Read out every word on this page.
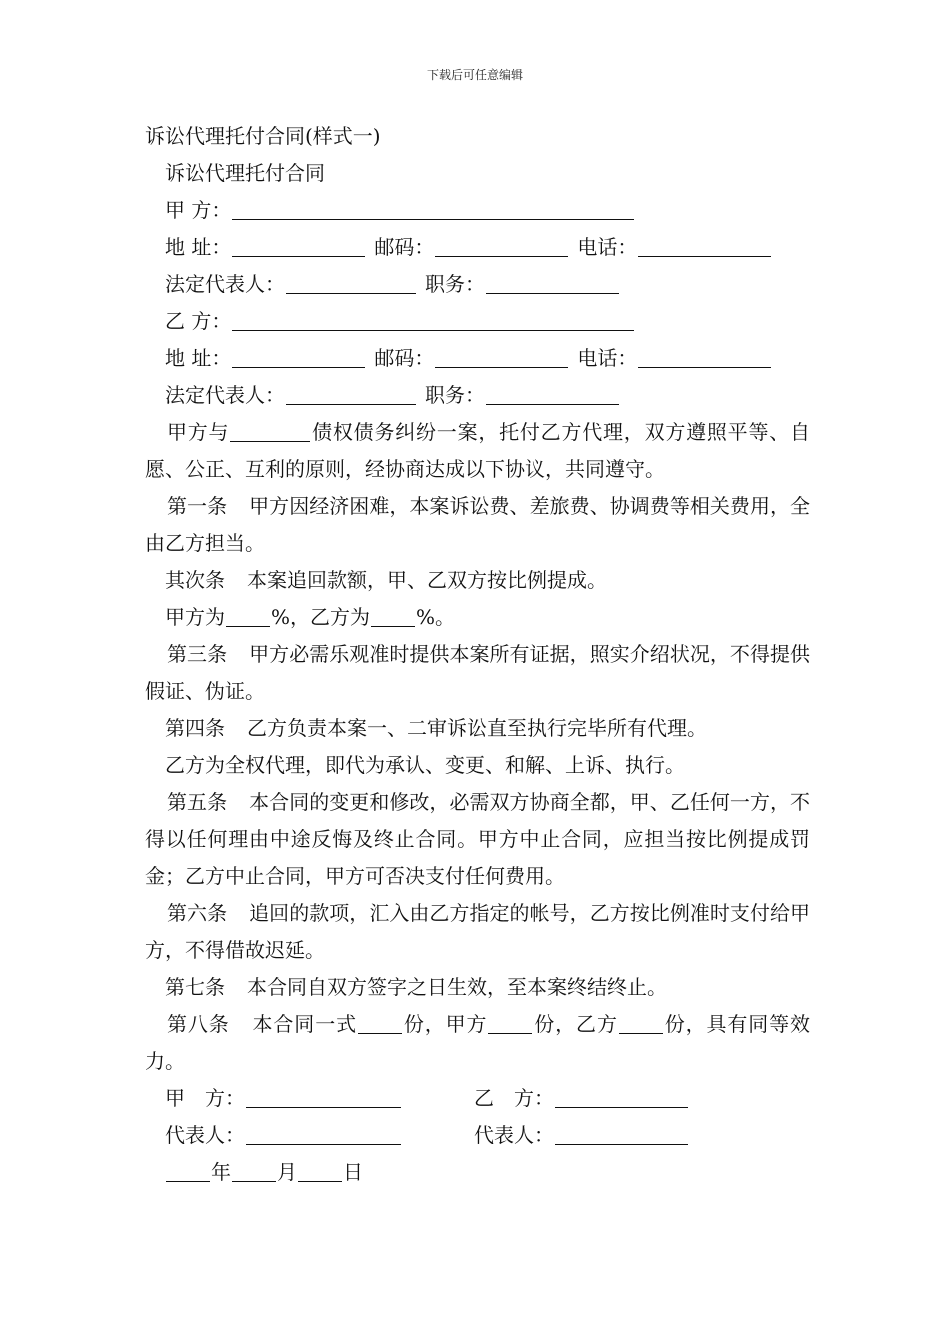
下载后可任意编辑
诉讼代理托付合同(样式一)
诉讼代理托付合同
甲 方：
地 址：	邮码：	电话：
法定代表人：	职务：
乙 方：
地 址：	邮码：	电话：
法定代表人：	职务：
甲方与	债权债务纠纷一案，托付乙方代理，双方遵照平等、自愿、公正、互利的原则，经协商达成以下协议，共同遵守。
第一条 甲方因经济困难，本案诉讼费、差旅费、协调费等相关费用，全由乙方担当。
其次条 本案追回款额，甲、乙双方按比例提成。
甲方为 %，乙方为 %。
第三条 甲方必需乐观准时提供本案所有证据，照实介绍状况，不得提供假证、伪证。
第四条 乙方负责本案一、二审诉讼直至执行完毕所有代理。
乙方为全权代理，即代为承认、变更、和解、上诉、执行。
第五条 本合同的变更和修改，必需双方协商全都，甲、乙任何一方，不得以任何理由中途反悔及终止合同。甲方中止合同，应担当按比例提成罚金；乙方中止合同，甲方可否决支付任何费用。
第六条 追回的款项，汇入由乙方指定的帐号，乙方按比例准时支付给甲方，不得借故迟延。
第七条 本合同自双方签字之日生效，至本案终结终止。
第八条 本合同一式 份，甲方 份，乙方 份，具有同等效力。
甲　方：	乙　方：
代表人：	代表人：
年 月 日
